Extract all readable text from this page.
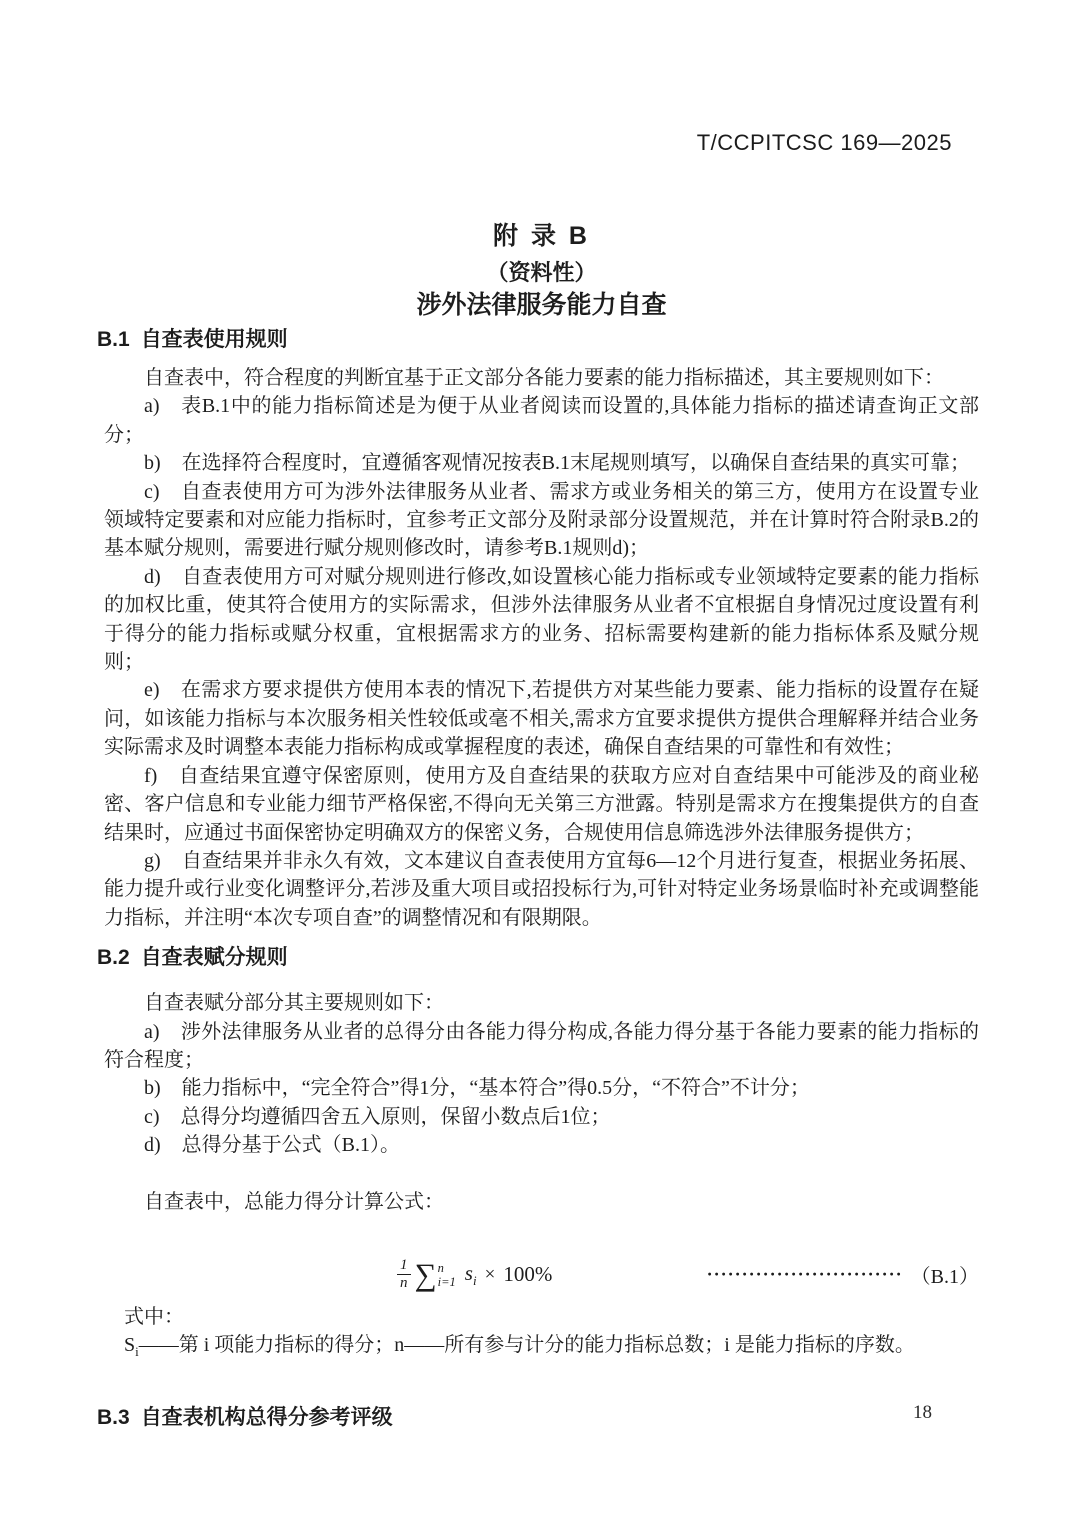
T/CCPITCSC 169—2025
附 录 B
（资料性）
涉外法律服务能力自查
B.1 自查表使用规则

自查表中，符合程度的判断宜基于正文部分各能力要素的能力指标描述，其主要规则如下：

a) 表B.1中的能力指标简述是为便于从业者阅读而设置的,具体能力指标的描述请查询正文部分；

b) 在选择符合程度时，宜遵循客观情况按表B.1末尾规则填写，以确保自查结果的真实可靠；

c) 自查表使用方可为涉外法律服务从业者、需求方或业务相关的第三方，使用方在设置专业领域特定要素和对应能力指标时，宜参考正文部分及附录部分设置规范，并在计算时符合附录B.2的基本赋分规则，需要进行赋分规则修改时，请参考B.1规则d)；

d) 自查表使用方可对赋分规则进行修改,如设置核心能力指标或专业领域特定要素的能力指标的加权比重，使其符合使用方的实际需求，但涉外法律服务从业者不宜根据自身情况过度设置有利于得分的能力指标或赋分权重，宜根据需求方的业务、招标需要构建新的能力指标体系及赋分规则；

e) 在需求方要求提供方使用本表的情况下,若提供方对某些能力要素、能力指标的设置存在疑问，如该能力指标与本次服务相关性较低或毫不相关,需求方宜要求提供方提供合理解释并结合业务实际需求及时调整本表能力指标构成或掌握程度的表述，确保自查结果的可靠性和有效性；

f) 自查结果宜遵守保密原则，使用方及自查结果的获取方应对自查结果中可能涉及的商业秘密、客户信息和专业能力细节严格保密,不得向无关第三方泄露。特别是需求方在搜集提供方的自查结果时，应通过书面保密协定明确双方的保密义务，合规使用信息筛选涉外法律服务提供方；

g) 自查结果并非永久有效，文本建议自查表使用方宜每6—12个月进行复查，根据业务拓展、能力提升或行业变化调整评分,若涉及重大项目或招投标行为,可针对特定业务场景临时补充或调整能力指标，并注明“本次专项自查”的调整情况和有限期限。

B.2 自查表赋分规则

自查表赋分部分其主要规则如下：

a) 涉外法律服务从业者的总得分由各能力得分构成,各能力得分基于各能力要素的能力指标的符合程度；

b) 能力指标中，“完全符合”得1分，“基本符合”得0.5分，“不符合”不计分；

c) 总得分均遵循四舍五入原则，保留小数点后1位；

d) 总得分基于公式（B.1）。

自查表中，总能力得分计算公式：

$\frac{1}{n}$ ∑ n
i=1 $s_i \times 100\%$	···························· （B.1）

式中：

$S_i——$第 i 项能力指标的得分；n——所有参与计分的能力指标总数；i 是能力指标的序数。

B.3 自查表机构总得分参考评级	18
